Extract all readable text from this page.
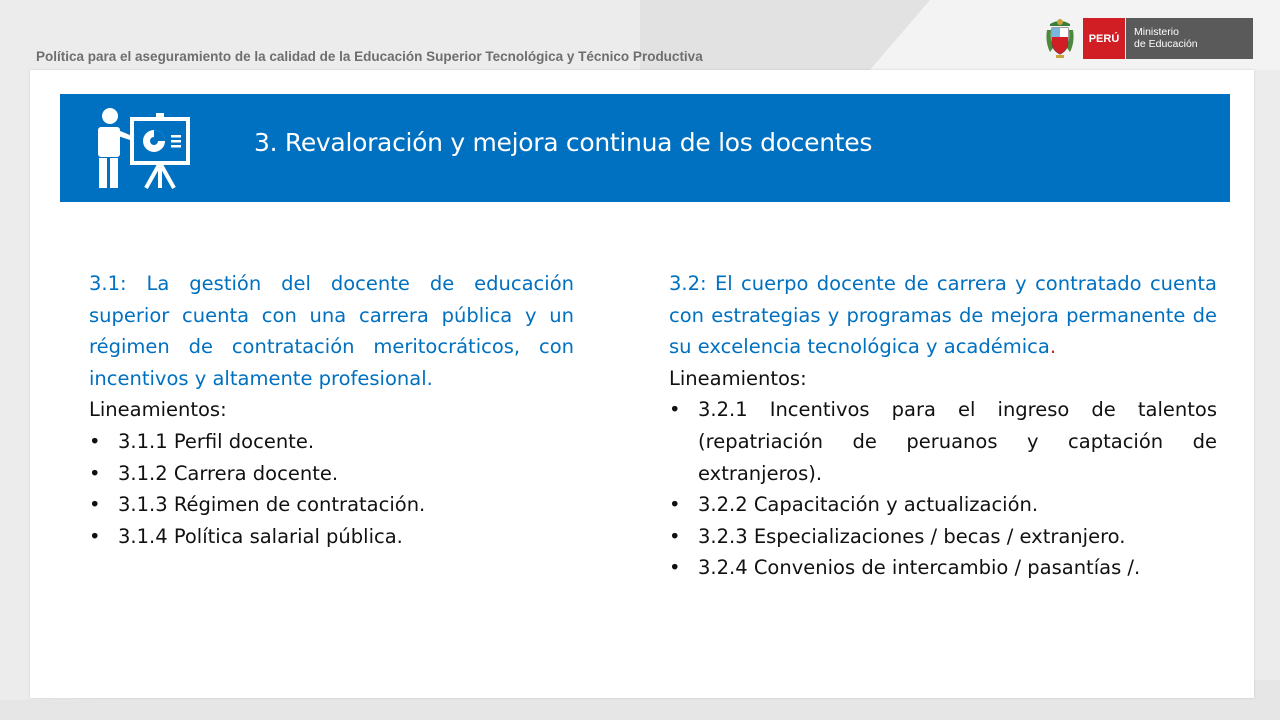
Política para el aseguramiento de la calidad de la Educación Superior Tecnológica y Técnico Productiva
PERÚ
Ministerio
de Educación
3. Revaloración y mejora continua de los docentes

3.1: La gestión del docente de educación superior cuenta con una carrera pública y un régimen de contratación meritocráticos, con incentivos y altamente profesional.

Lineamientos:

• 3.1.1 Perfil docente.
• 3.1.2 Carrera docente.
• 3.1.3 Régimen de contratación.
• 3.1.4 Política salarial pública.

3.2: El cuerpo docente de carrera y contratado cuenta con estrategias y programas de mejora permanente de su excelencia tecnológica y académica.

Lineamientos:

• 3.2.1 Incentivos para el ingreso de talentos (repatriación de peruanos y captación de extranjeros).
• 3.2.2 Capacitación y actualización.
• 3.2.3 Especializaciones / becas / extranjero.
• 3.2.4 Convenios de intercambio / pasantías /.
